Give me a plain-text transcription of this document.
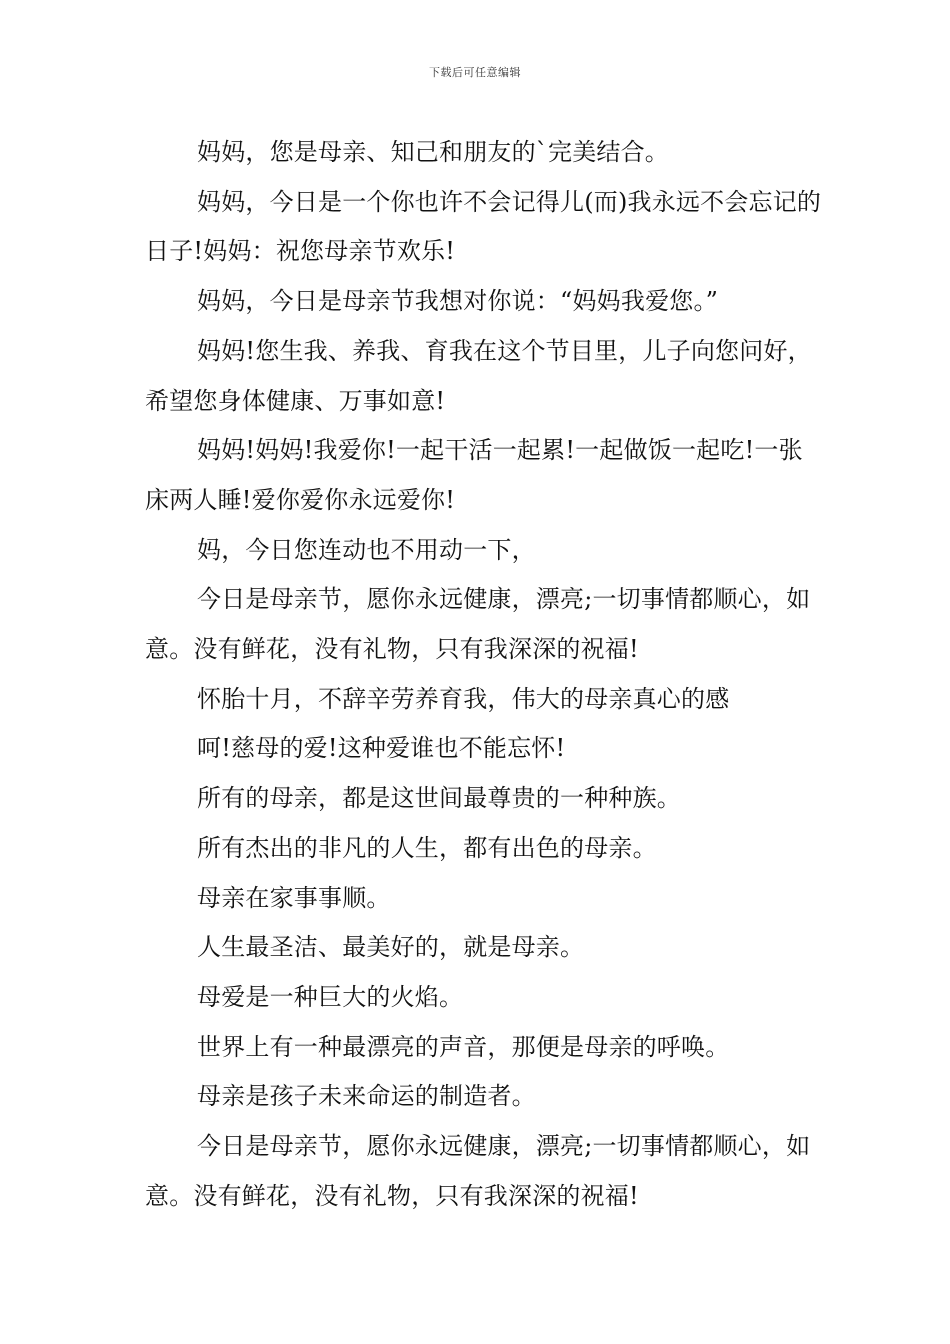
下载后可任意编辑

妈妈，您是母亲、知己和朋友的`完美结合。

妈妈，今日是一个你也许不会记得儿(而)我永远不会忘记的日子!妈妈：祝您母亲节欢乐!

妈妈，今日是母亲节我想对你说：“妈妈我爱您。”

妈妈!您生我、养我、育我在这个节目里，儿子向您问好，希望您身体健康、万事如意!

妈妈!妈妈!我爱你!一起干活一起累!一起做饭一起吃!一张床两人睡!爱你爱你永远爱你!

妈，今日您连动也不用动一下，

今日是母亲节，愿你永远健康，漂亮;一切事情都顺心，如意。没有鲜花，没有礼物，只有我深深的祝福!

怀胎十月，不辞辛劳养育我，伟大的母亲真心的感

呵!慈母的爱!这种爱谁也不能忘怀!

所有的母亲，都是这世间最尊贵的一种种族。

所有杰出的非凡的人生，都有出色的母亲。

母亲在家事事顺。

人生最圣洁、最美好的，就是母亲。

母爱是一种巨大的火焰。

世界上有一种最漂亮的声音，那便是母亲的呼唤。

母亲是孩子未来命运的制造者。

今日是母亲节，愿你永远健康，漂亮;一切事情都顺心，如意。没有鲜花，没有礼物，只有我深深的祝福!
